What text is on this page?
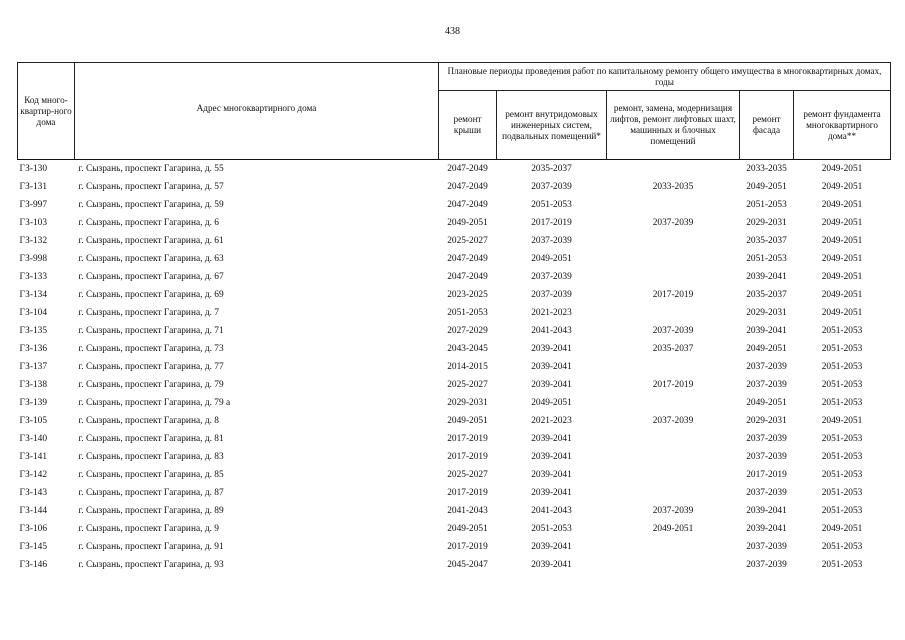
438
Код много-квартир-ного дома	Адрес многоквартирного дома	Плановые периоды проведения работ по капитальному ремонту общего имущества в многоквартирных домах, годы				
		ремонт крыши	ремонт внутридомовых инженерных систем, подвальных помещений*	ремонт, замена, модернизация лифтов, ремонт лифтовых шахт, машинных и блочных помещений	ремонт фасада	ремонт фундамента многоквартирного дома**
ГЗ-130	г. Сызрань, проспект Гагарина, д. 55	2047-2049	2035-2037		2033-2035	2049-2051
ГЗ-131	г. Сызрань, проспект Гагарина, д. 57	2047-2049	2037-2039	2033-2035	2049-2051	2049-2051
ГЗ-997	г. Сызрань, проспект Гагарина, д. 59	2047-2049	2051-2053		2051-2053	2049-2051
ГЗ-103	г. Сызрань, проспект Гагарина, д. 6	2049-2051	2017-2019	2037-2039	2029-2031	2049-2051
ГЗ-132	г. Сызрань, проспект Гагарина, д. 61	2025-2027	2037-2039		2035-2037	2049-2051
ГЗ-998	г. Сызрань, проспект Гагарина, д. 63	2047-2049	2049-2051		2051-2053	2049-2051
ГЗ-133	г. Сызрань, проспект Гагарина, д. 67	2047-2049	2037-2039		2039-2041	2049-2051
ГЗ-134	г. Сызрань, проспект Гагарина, д. 69	2023-2025	2037-2039	2017-2019	2035-2037	2049-2051
ГЗ-104	г. Сызрань, проспект Гагарина, д. 7	2051-2053	2021-2023		2029-2031	2049-2051
ГЗ-135	г. Сызрань, проспект Гагарина, д. 71	2027-2029	2041-2043	2037-2039	2039-2041	2051-2053
ГЗ-136	г. Сызрань, проспект Гагарина, д. 73	2043-2045	2039-2041	2035-2037	2049-2051	2051-2053
ГЗ-137	г. Сызрань, проспект Гагарина, д. 77	2014-2015	2039-2041		2037-2039	2051-2053
ГЗ-138	г. Сызрань, проспект Гагарина, д. 79	2025-2027	2039-2041	2017-2019	2037-2039	2051-2053
ГЗ-139	г. Сызрань, проспект Гагарина, д. 79 а	2029-2031	2049-2051		2049-2051	2051-2053
ГЗ-105	г. Сызрань, проспект Гагарина, д. 8	2049-2051	2021-2023	2037-2039	2029-2031	2049-2051
ГЗ-140	г. Сызрань, проспект Гагарина, д. 81	2017-2019	2039-2041		2037-2039	2051-2053
ГЗ-141	г. Сызрань, проспект Гагарина, д. 83	2017-2019	2039-2041		2037-2039	2051-2053
ГЗ-142	г. Сызрань, проспект Гагарина, д. 85	2025-2027	2039-2041		2017-2019	2051-2053
ГЗ-143	г. Сызрань, проспект Гагарина, д. 87	2017-2019	2039-2041		2037-2039	2051-2053
ГЗ-144	г. Сызрань, проспект Гагарина, д. 89	2041-2043	2041-2043	2037-2039	2039-2041	2051-2053
ГЗ-106	г. Сызрань, проспект Гагарина, д. 9	2049-2051	2051-2053	2049-2051	2039-2041	2049-2051
ГЗ-145	г. Сызрань, проспект Гагарина, д. 91	2017-2019	2039-2041		2037-2039	2051-2053
ГЗ-146	г. Сызрань, проспект Гагарина, д. 93	2045-2047	2039-2041		2037-2039	2051-2053
